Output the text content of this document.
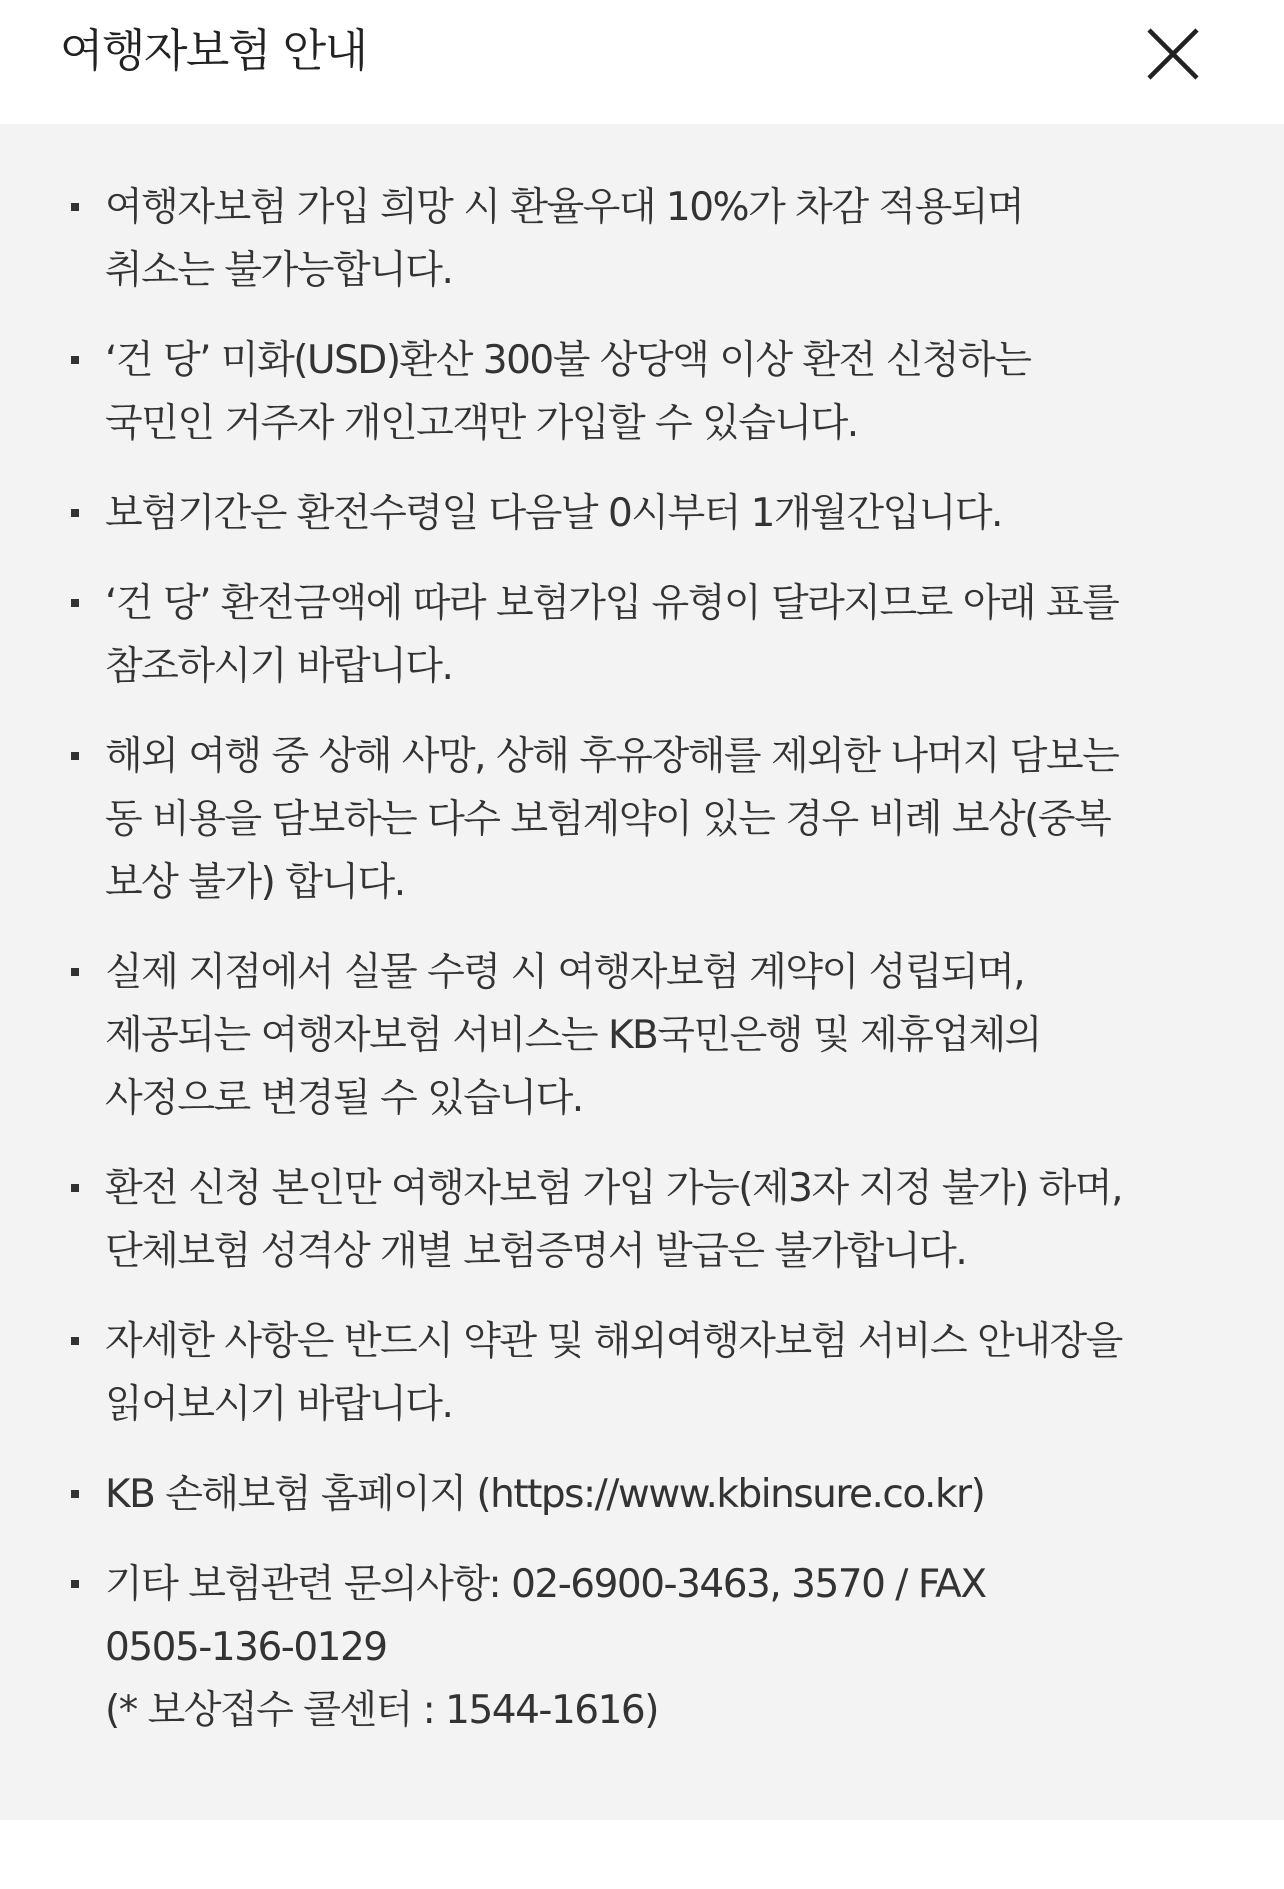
여행자보험 안내
여행자보험 가입 희망 시 환율우대 10%가 차감 적용되며
취소는 불가능합니다.
‘건 당’ 미화(USD)환산 300불 상당액 이상 환전 신청하는
국민인 거주자 개인고객만 가입할 수 있습니다.
보험기간은 환전수령일 다음날 0시부터 1개월간입니다.
‘건 당’ 환전금액에 따라 보험가입 유형이 달라지므로 아래 표를
참조하시기 바랍니다.
해외 여행 중 상해 사망, 상해 후유장해를 제외한 나머지 담보는
동 비용을 담보하는 다수 보험계약이 있는 경우 비례 보상(중복
보상 불가) 합니다.
실제 지점에서 실물 수령 시 여행자보험 계약이 성립되며,
제공되는 여행자보험 서비스는 KB국민은행 및 제휴업체의
사정으로 변경될 수 있습니다.
환전 신청 본인만 여행자보험 가입 가능(제3자 지정 불가) 하며,
단체보험 성격상 개별 보험증명서 발급은 불가합니다.
자세한 사항은 반드시 약관 및 해외여행자보험 서비스 안내장을
읽어보시기 바랍니다.
KB 손해보험 홈페이지 (https://www.kbinsure.co.kr)
기타 보험관련 문의사항: 02-6900-3463, 3570 / FAX
0505-136-0129
(* 보상접수 콜센터 : 1544-1616)
